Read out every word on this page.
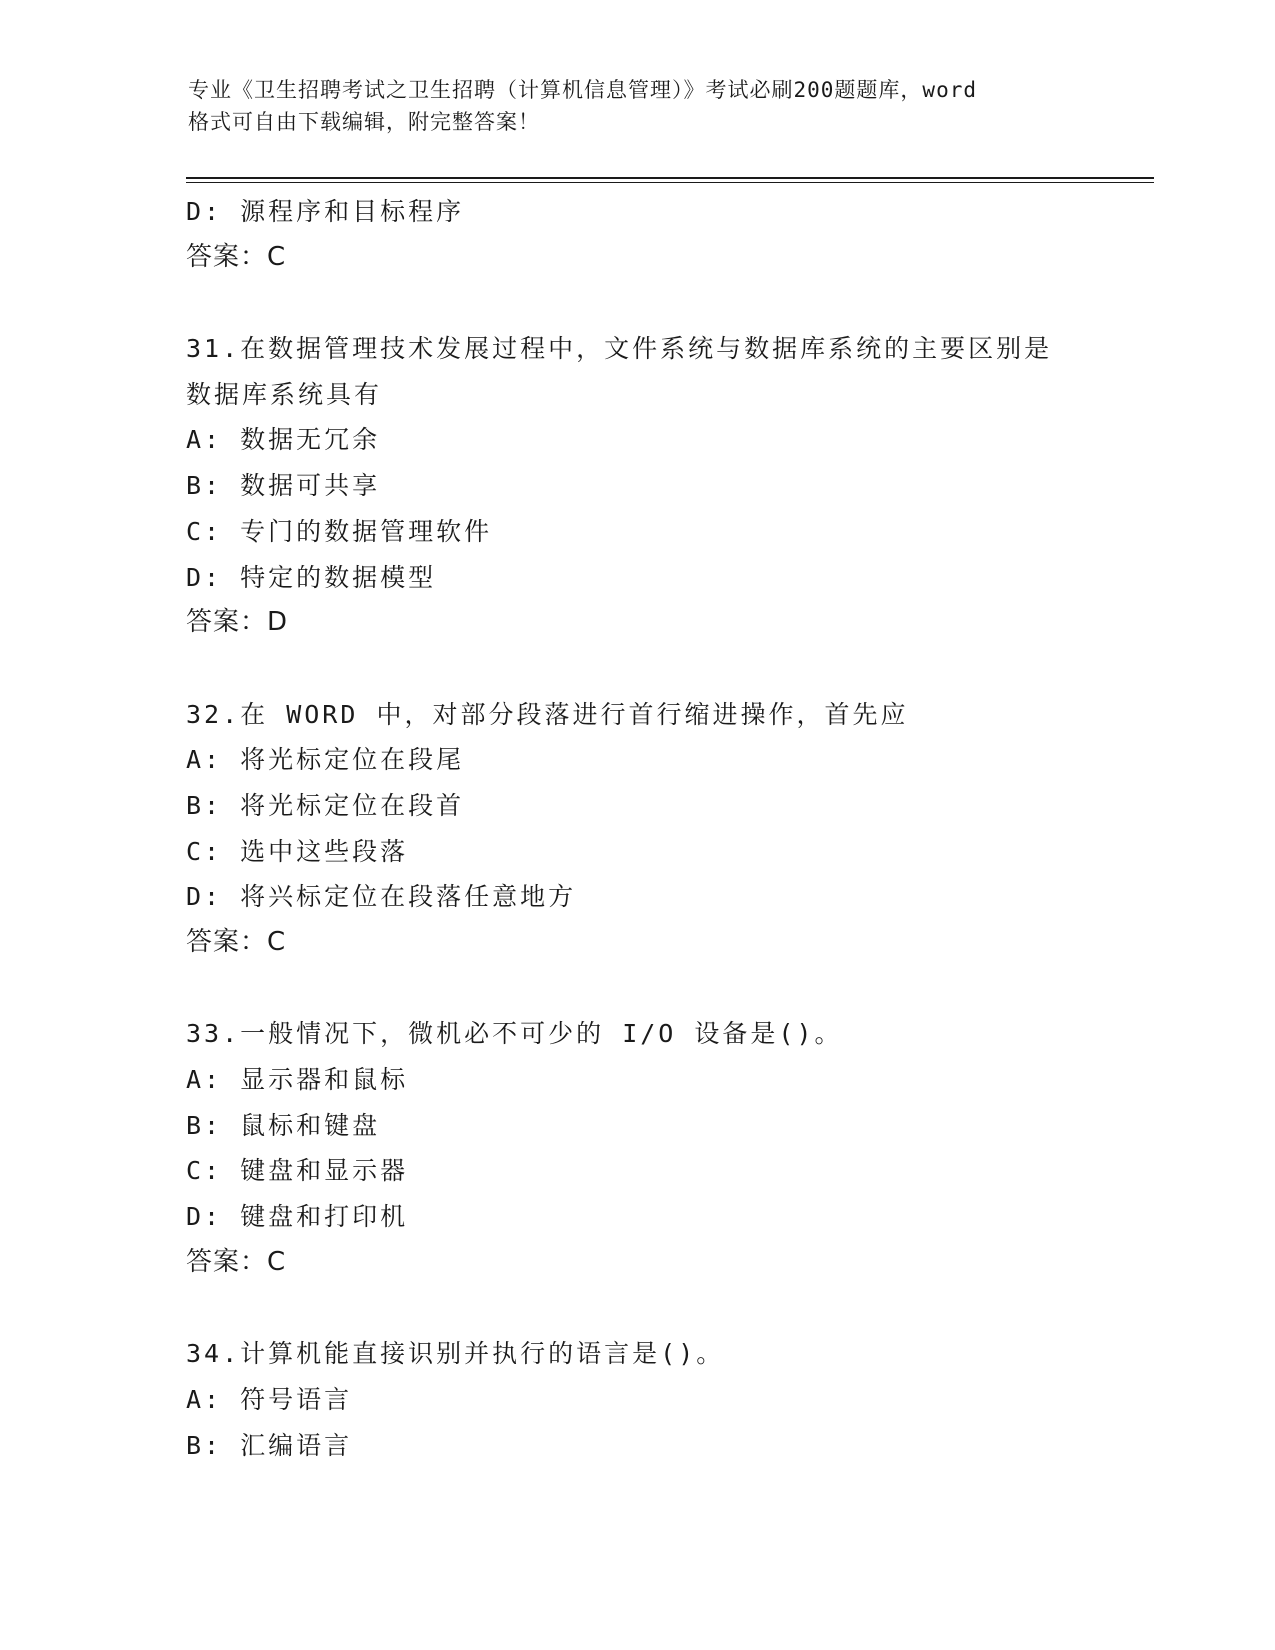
专业《卫生招聘考试之卫生招聘（计算机信息管理）》考试必刷200题题库，word
格式可自由下载编辑，附完整答案！
D: 源程序和目标程序
答案：C
31.在数据管理技术发展过程中，文件系统与数据库系统的主要区别是
数据库系统具有
A: 数据无冗余
B: 数据可共享
C: 专门的数据管理软件
D: 特定的数据模型
答案：D
32.在 WORD 中，对部分段落进行首行缩进操作，首先应
A: 将光标定位在段尾
B: 将光标定位在段首
C: 选中这些段落
D: 将兴标定位在段落任意地方
答案：C
33.一般情况下，微机必不可少的 I/O 设备是()。
A: 显示器和鼠标
B: 鼠标和键盘
C: 键盘和显示器
D: 键盘和打印机
答案：C
34.计算机能直接识别并执行的语言是()。
A: 符号语言
B: 汇编语言
